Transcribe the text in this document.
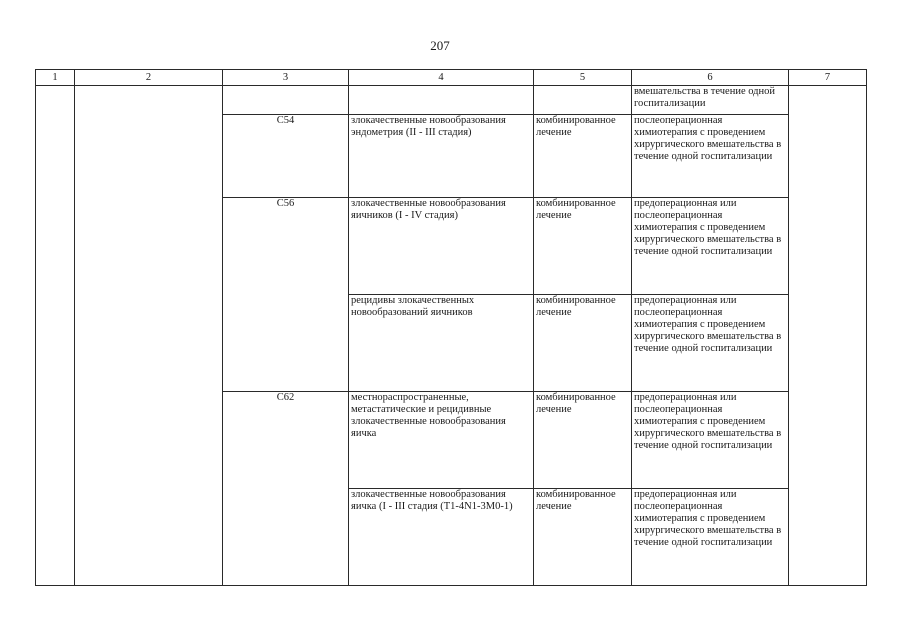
207
1	2	3	4	5	6	7
					вмешательства в течение одной госпитализации	
		C54	злокачественные новообразования эндометрия (II - III стадия)	комбинированное лечение	послеоперационная химиотерапия с проведением хирургического вмешательства в течение одной госпитализации	
		C56	злокачественные новообразования яичников (I - IV стадия)	комбинированное лечение	предоперационная или послеоперационная химиотерапия с проведением хирургического вмешательства в течение одной госпитализации	
			рецидивы злокачественных новообразований яичников	комбинированное лечение	предоперационная или послеоперационная химиотерапия с проведением хирургического вмешательства в течение одной госпитализации	
		C62	местнораспространенные, метастатические и рецидивные злокачественные новообразования яичка	комбинированное лечение	предоперационная или послеоперационная химиотерапия с проведением хирургического вмешательства в течение одной госпитализации	
			злокачественные новообразования яичка (I - III стадия (T1-4N1-3M0-1)	комбинированное лечение	предоперационная или послеоперационная химиотерапия с проведением хирургического вмешательства в течение одной госпитализации	
